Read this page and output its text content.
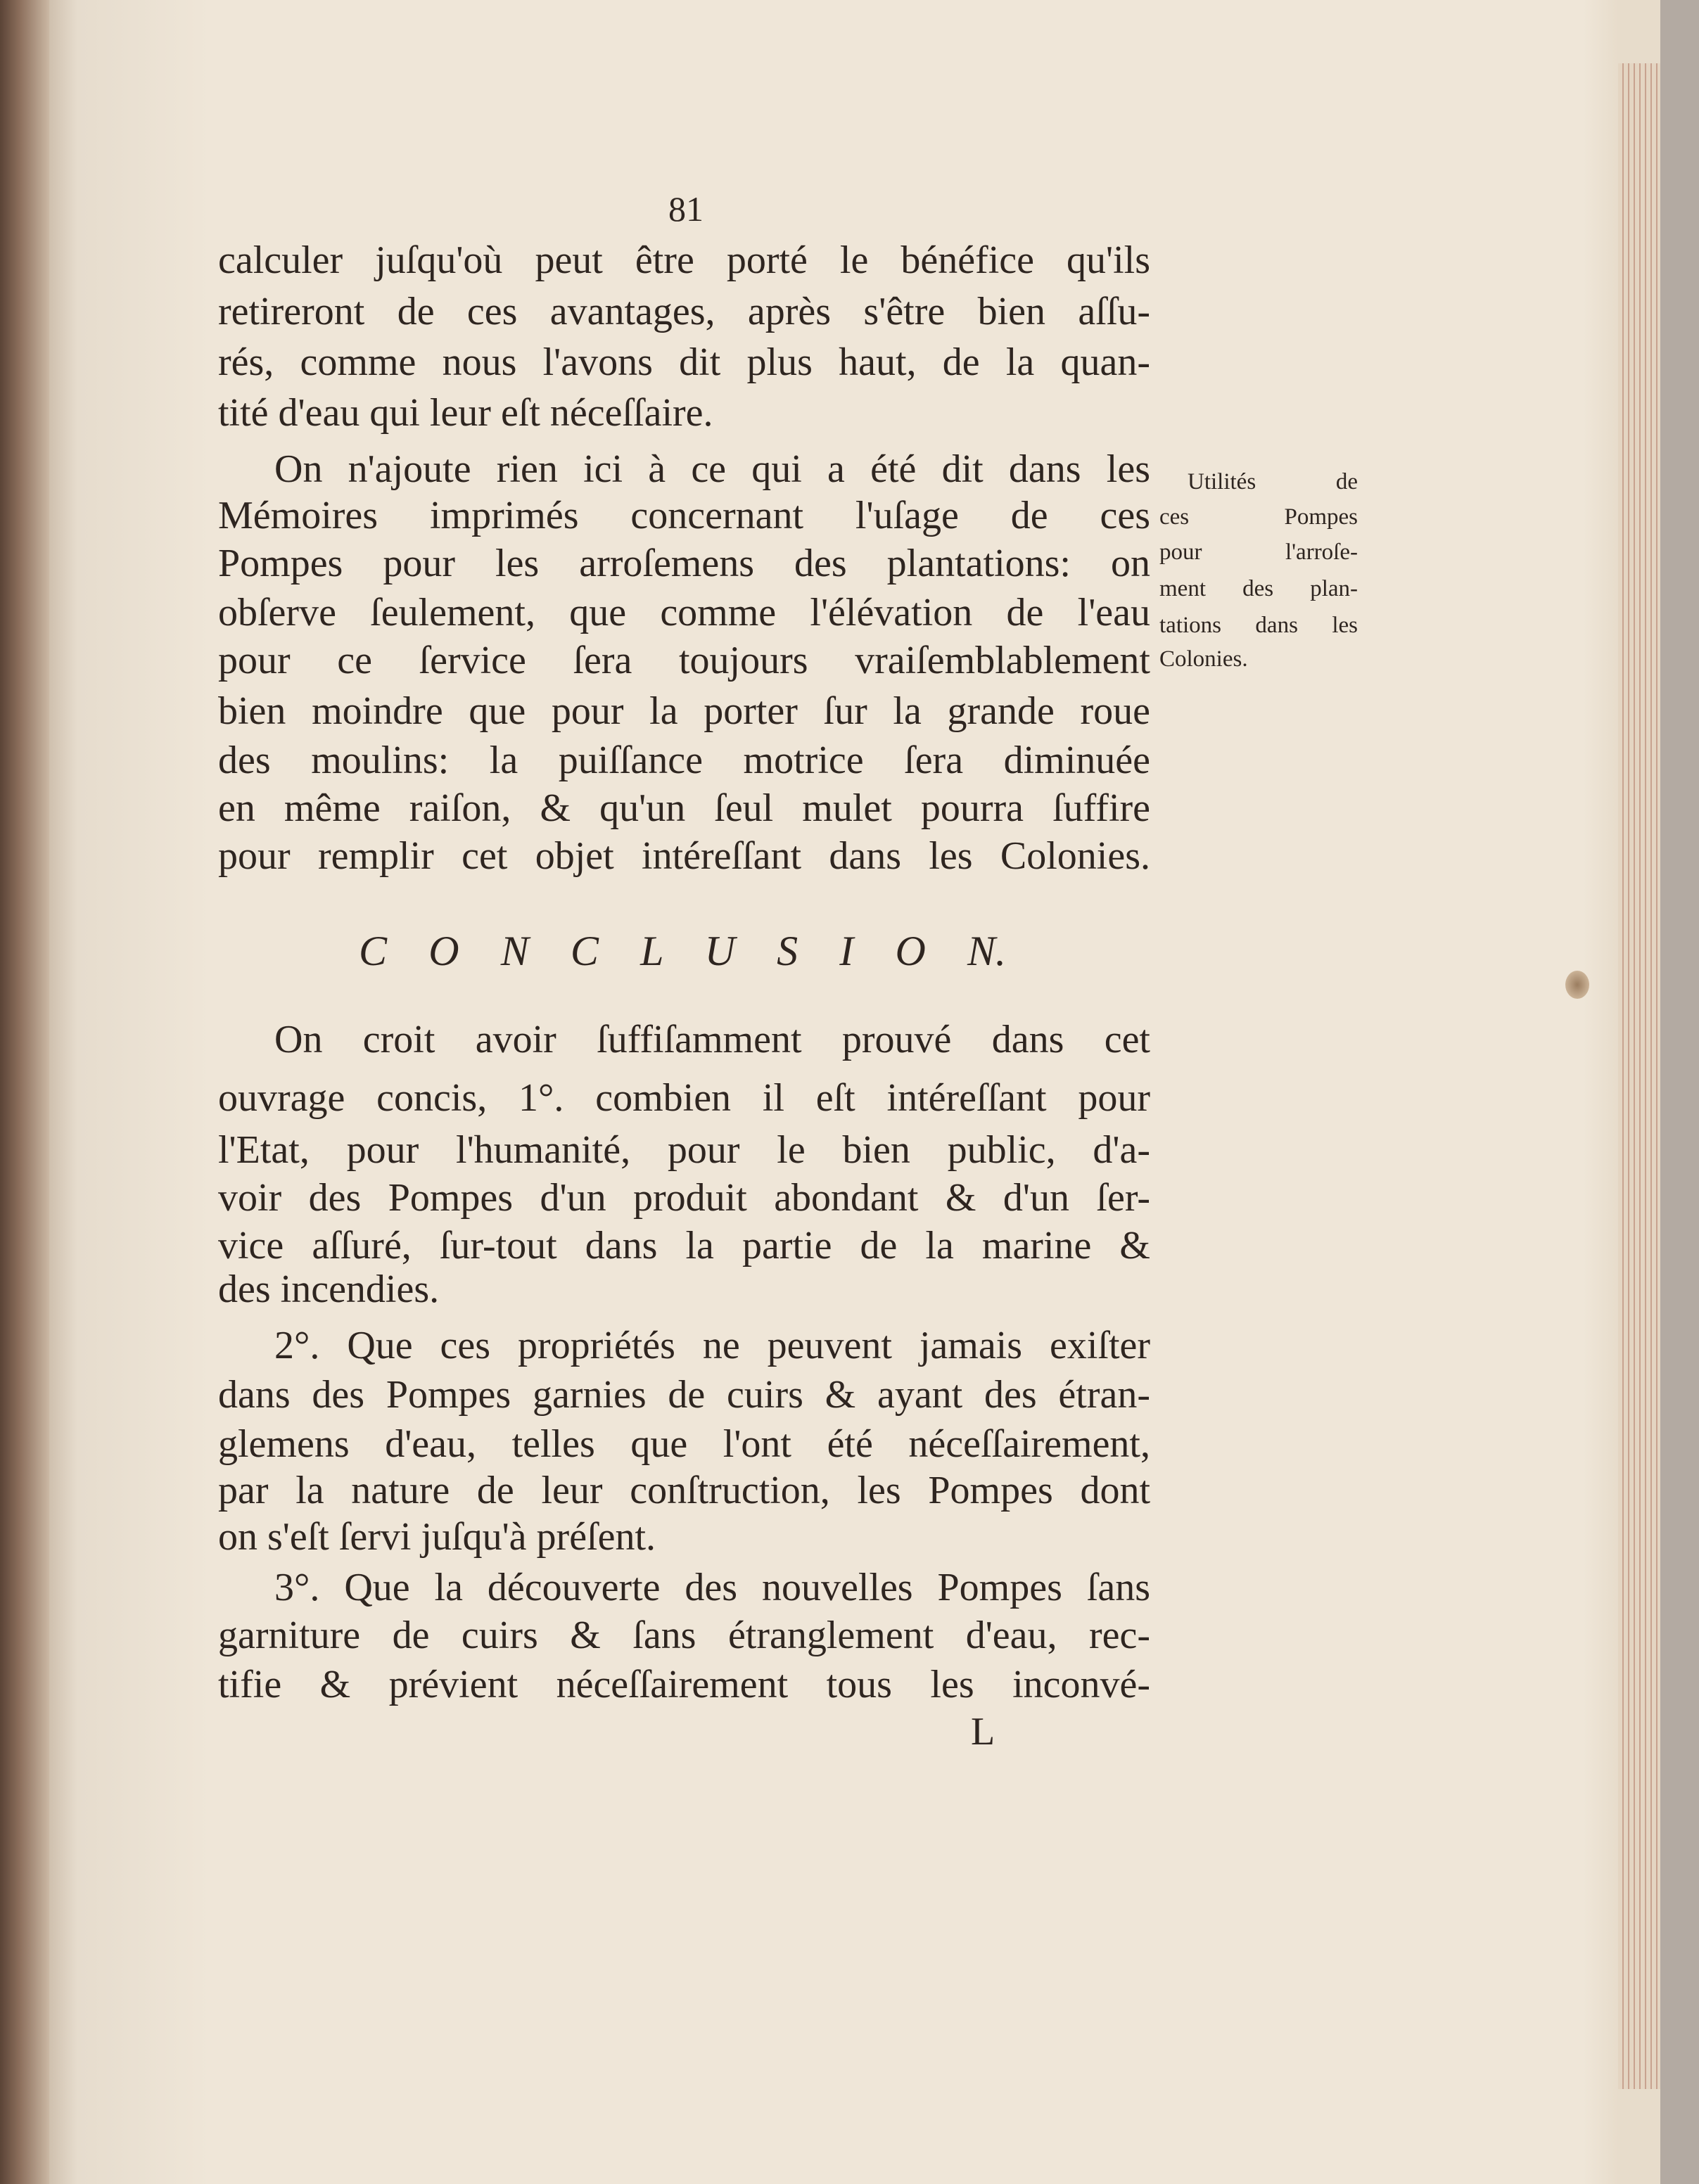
81
C O N C L U S I O N.
L
calculer juſqu'où peut être porté le bénéfice qu'ils
retireront de ces avantages, après s'être bien aſſu-
rés, comme nous l'avons dit plus haut, de la quan-
tité d'eau qui leur eſt néceſſaire.
On n'ajoute rien ici à ce qui a été dit dans les
Mémoires imprimés concernant l'uſage de ces
Pompes pour les arroſemens des plantations: on
obſerve ſeulement, que comme l'élévation de l'eau
pour ce ſervice ſera toujours vraiſemblablement
bien moindre que pour la porter ſur la grande roue
des moulins: la puiſſance motrice ſera diminuée
en même raiſon, & qu'un ſeul mulet pourra ſuffire
pour remplir cet objet intéreſſant dans les Colonies.
On croit avoir ſuffiſamment prouvé dans cet
ouvrage concis, 1°. combien il eſt intéreſſant pour
l'Etat, pour l'humanité, pour le bien public, d'a-
voir des Pompes d'un produit abondant & d'un ſer-
vice aſſuré, ſur-tout dans la partie de la marine &
des incendies.
2°. Que ces propriétés ne peuvent jamais exiſter
dans des Pompes garnies de cuirs & ayant des étran-
glemens d'eau, telles que l'ont été néceſſairement,
par la nature de leur conſtruction, les Pompes dont
on s'eſt ſervi juſqu'à préſent.
3°. Que la découverte des nouvelles Pompes ſans
garniture de cuirs & ſans étranglement d'eau, rec-
tifie & prévient néceſſairement tous les inconvé-
Utilités de
ces Pompes
pour l'arroſe-
ment des plan-
tations dans les
Colonies.
